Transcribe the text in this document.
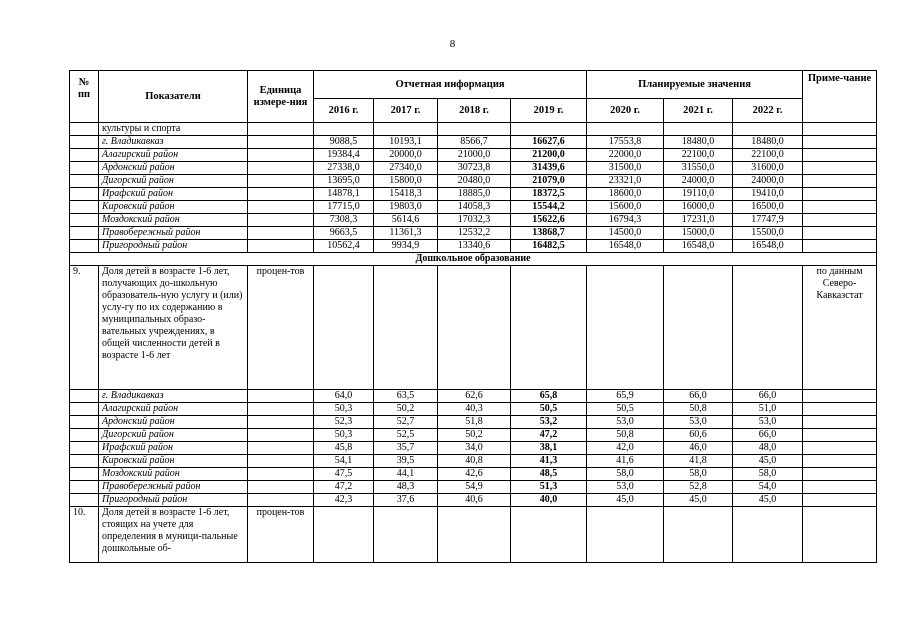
8
№ пп	Показатели	Единица измере-ния	Отчетная информация				Планируемые значения			Приме-чание
			2016 г.	2017 г.	2018 г.	2019 г.	2020 г.	2021 г.	2022 г.	
	культуры и спорта									
	г. Владикавказ		9088,5	10193,1	8566,7	16627,6	17553,8	18480,0	18480,0	
	Алагирский район		19384,4	20000,0	21000,0	21200,0	22000,0	22100,0	22100,0	
	Ардонский район		27338,0	27340,0	30723,8	31439,6	31500,0	31550,0	31600,0	
	Дигорский район		13695,0	15800,0	20480,0	21079,0	23321,0	24000,0	24000,0	
	Ирафский район		14878,1	15418,3	18885,0	18372,5	18600,0	19110,0	19410,0	
	Кировский район		17715,0	19803,0	14058,3	15544,2	15600,0	16000,0	16500,0	
	Моздокский район		7308,3	5614,6	17032,3	15622,6	16794,3	17231,0	17747,9	
	Правобережный район		9663,5	11361,3	12532,2	13868,7	14500,0	15000,0	15500,0	
	Пригородный район		10562,4	9934,9	13340,6	16482,5	16548,0	16548,0	16548,0	
Дошкольное образование										
9.	Доля детей в возрасте 1-6 лет, получающих до-школьную образователь-ную услугу и (или) услу-гу по их содержанию в муниципальных образо-вательных учреждениях, в общей численности детей в возрасте 1-6 лет	процен-тов								по данным Северо-Кавказстат
	г. Владикавказ		64,0	63,5	62,6	65,8	65,9	66,0	66,0	
	Алагирский район		50,3	50,2	40,3	50,5	50,5	50,8	51,0	
	Ардонский район		52,3	52,7	51,8	53,2	53,0	53,0	53,0	
	Дигорский район		50,3	52,5	50,2	47,2	50,8	60,6	66,0	
	Ирафский район		45,8	35,7	34,0	38,1	42,0	46,0	48,0	
	Кировский район		54,1	39,5	40,8	41,3	41,6	41,8	45,0	
	Моздокский район		47,5	44,1	42,6	48,5	58,0	58,0	58,0	
	Правобережный район		47,2	48,3	54,9	51,3	53,0	52,8	54,0	
	Пригородный район		42,3	37,6	40,6	40,0	45,0	45,0	45,0	
10.	Доля детей в возрасте 1-6 лет, стоящих на учете для определения в муници-пальные дошкольные об-	процен-тов								
